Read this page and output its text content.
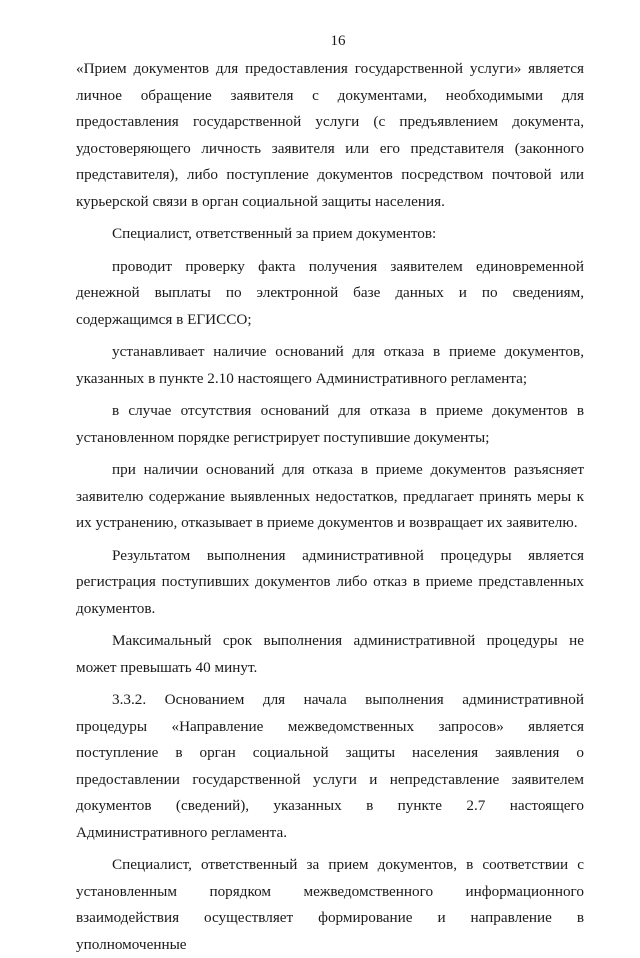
16

«Прием документов для предоставления государственной услуги» является личное обращение заявителя с документами, необходимыми для предоставления государственной услуги (с предъявлением документа, удостоверяющего личность заявителя или его представителя (законного представителя), либо поступление документов посредством почтовой или курьерской связи в орган социальной защиты населения.

Специалист, ответственный за прием документов:

проводит проверку факта получения заявителем единовременной денежной выплаты по электронной базе данных и по сведениям, содержащимся в ЕГИССО;

устанавливает наличие оснований для отказа в приеме документов, указанных в пункте 2.10 настоящего Административного регламента;

в случае отсутствия оснований для отказа в приеме документов в установленном порядке регистрирует поступившие документы;

при наличии оснований для отказа в приеме документов разъясняет заявителю содержание выявленных недостатков, предлагает принять меры к их устранению, отказывает в приеме документов и возвращает их заявителю.

Результатом выполнения административной процедуры является регистрация поступивших документов либо отказ в приеме представленных документов.

Максимальный срок выполнения административной процедуры не может превышать 40 минут.

3.3.2. Основанием для начала выполнения административной процедуры «Направление межведомственных запросов» является поступление в орган социальной защиты населения заявления о предоставлении государственной услуги и непредставление заявителем документов (сведений), указанных в пункте 2.7 настоящего Административного регламента.

Специалист, ответственный за прием документов, в соответствии с установленным порядком межведомственного информационного взаимодействия осуществляет формирование и направление в уполномоченные
